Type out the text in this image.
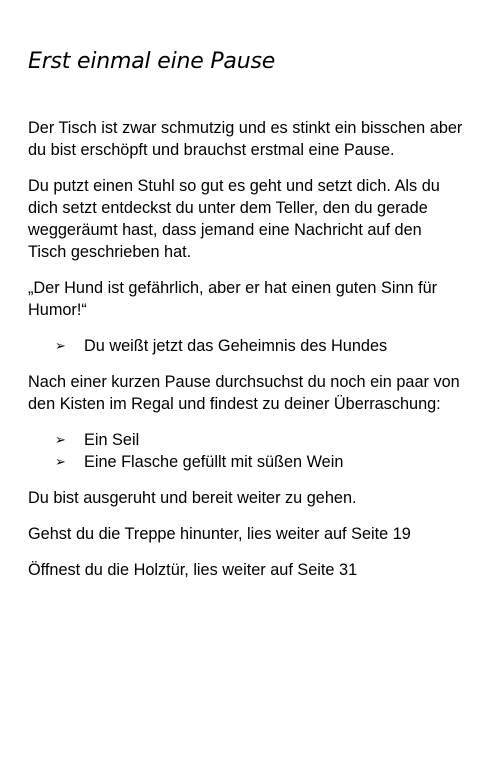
Erst einmal eine Pause

Der Tisch ist zwar schmutzig und es stinkt ein bisschen aber du bist erschöpft und brauchst erstmal eine Pause.

Du putzt einen Stuhl so gut es geht und setzt dich. Als du dich setzt entdeckst du unter dem Teller, den du gerade weggeräumt hast, dass jemand eine Nachricht auf den Tisch geschrieben hat.

„Der Hund ist gefährlich, aber er hat einen guten Sinn für Humor!“

➢ Du weißt jetzt das Geheimnis des Hundes

Nach einer kurzen Pause durchsuchst du noch ein paar von den Kisten im Regal und findest zu deiner Überraschung:

➢ Ein Seil
➢ Eine Flasche gefüllt mit süßen Wein

Du bist ausgeruht und bereit weiter zu gehen.

Gehst du die Treppe hinunter, lies weiter auf Seite 19

Öffnest du die Holztür, lies weiter auf Seite 31
